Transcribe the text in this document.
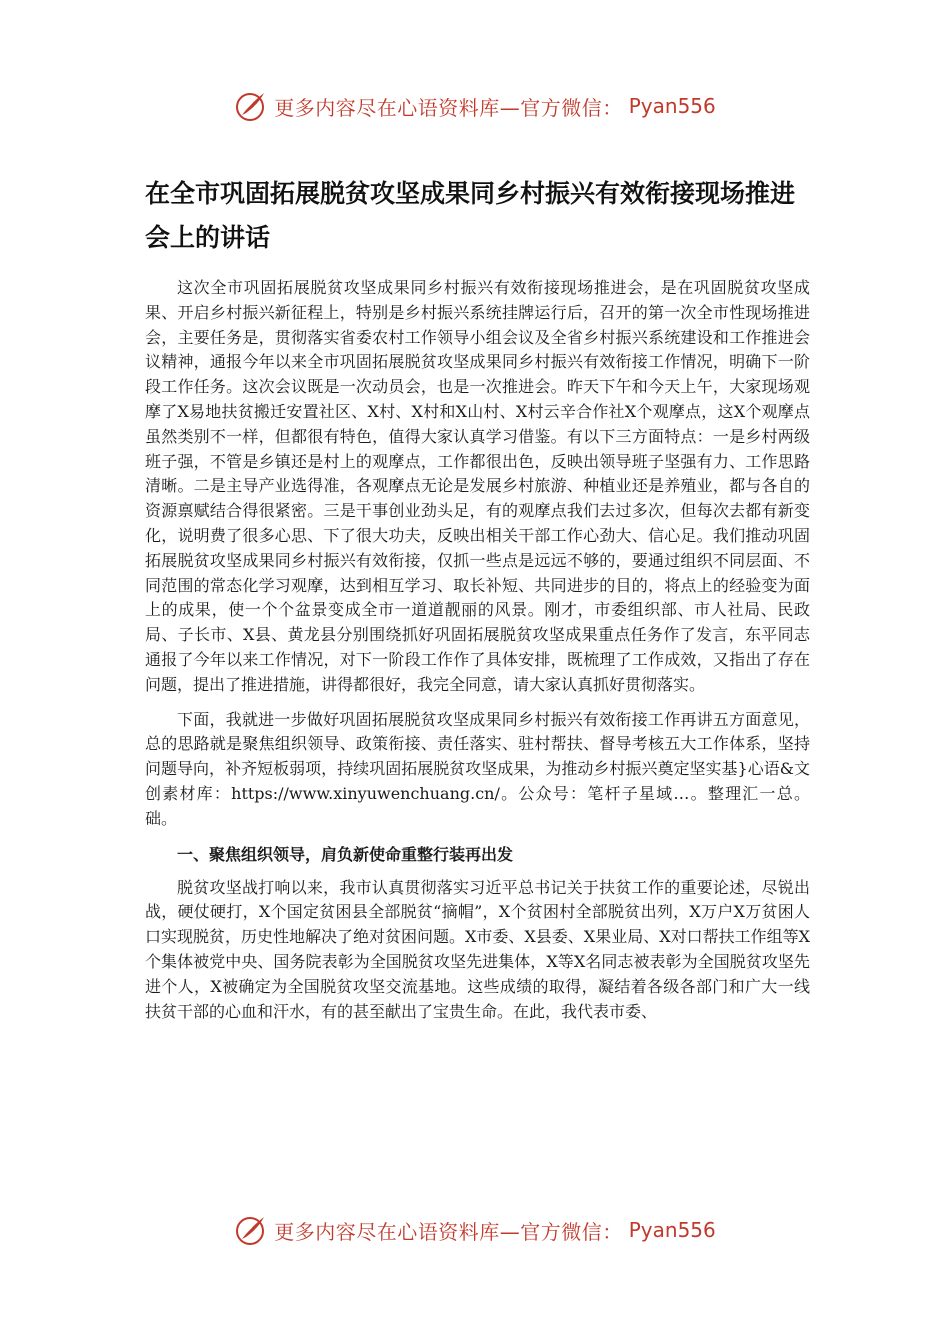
更多内容尽在心语资料库—官方微信： Pyan556
在全市巩固拓展脱贫攻坚成果同乡村振兴有效衔接现场推进会上的讲话

这次全市巩固拓展脱贫攻坚成果同乡村振兴有效衔接现场推进会，是在巩固脱贫攻坚成果、开启乡村振兴新征程上，特别是乡村振兴系统挂牌运行后，召开的第一次全市性现场推进会，主要任务是，贯彻落实省委农村工作领导小组会议及全省乡村振兴系统建设和工作推进会议精神，通报今年以来全市巩固拓展脱贫攻坚成果同乡村振兴有效衔接工作情况，明确下一阶段工作任务。这次会议既是一次动员会，也是一次推进会。昨天下午和今天上午，大家现场观摩了X易地扶贫搬迁安置社区、X村、X村和X山村、X村云辛合作社X个观摩点，这X个观摩点虽然类别不一样，但都很有特色，值得大家认真学习借鉴。有以下三方面特点：一是乡村两级班子强，不管是乡镇还是村上的观摩点，工作都很出色，反映出领导班子坚强有力、工作思路清晰。二是主导产业选得准，各观摩点无论是发展乡村旅游、种植业还是养殖业，都与各自的资源禀赋结合得很紧密。三是干事创业劲头足，有的观摩点我们去过多次，但每次去都有新变化，说明费了很多心思、下了很大功夫，反映出相关干部工作心劲大、信心足。我们推动巩固拓展脱贫攻坚成果同乡村振兴有效衔接，仅抓一些点是远远不够的，要通过组织不同层面、不同范围的常态化学习观摩，达到相互学习、取长补短、共同进步的目的，将点上的经验变为面上的成果，使一个个盆景变成全市一道道靓丽的风景。刚才，市委组织部、市人社局、民政局、子长市、X县、黄龙县分别围绕抓好巩固拓展脱贫攻坚成果重点任务作了发言，东平同志通报了今年以来工作情况，对下一阶段工作作了具体安排，既梳理了工作成效，又指出了存在问题，提出了推进措施，讲得都很好，我完全同意，请大家认真抓好贯彻落实。

下面，我就进一步做好巩固拓展脱贫攻坚成果同乡村振兴有效衔接工作再讲五方面意见，总的思路就是聚焦组织领导、政策衔接、责任落实、驻村帮扶、督导考核五大工作体系，坚持问题导向，补齐短板弱项，持续巩固拓展脱贫攻坚成果，为推动乡村振兴奠定坚实基}心语&文创素材库：https://www.xinyuwenchuang.cn/。公众号：笔杆子星域…。整理汇一总。础。

一、聚焦组织领导，肩负新使命重整行装再出发

脱贫攻坚战打响以来，我市认真贯彻落实习近平总书记关于扶贫工作的重要论述，尽锐出战，硬仗硬打，X个国定贫困县全部脱贫“摘帽”，X个贫困村全部脱贫出列，X万户X万贫困人口实现脱贫，历史性地解决了绝对贫困问题。X市委、X县委、X果业局、X对口帮扶工作组等X个集体被党中央、国务院表彰为全国脱贫攻坚先进集体，X等X名同志被表彰为全国脱贫攻坚先进个人，X被确定为全国脱贫攻坚交流基地。这些成绩的取得，凝结着各级各部门和广大一线扶贫干部的心血和汗水，有的甚至献出了宝贵生命。在此，我代表市委、

更多内容尽在心语资料库—官方微信： Pyan556
